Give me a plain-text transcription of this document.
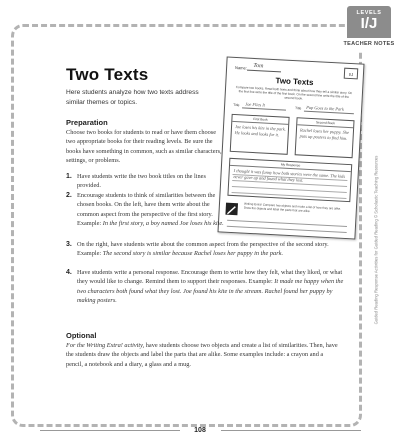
LEVELS
I/J
TEACHER NOTES
Two Texts
Here students analyze how two texts address similar themes or topics.
Name: Tom
I/J
Two Texts
Compare two books. Read both texts and think about how they tell a similar story. On the first line write the title of the first book. On the second line write the title of the second book.
Title Joe Flies It
Title Pup Goes to the Park
First Book
Joe loses his kite in the park. He looks and looks for it.
Second Book
Rachel loses her puppy. She puts up posters to find him.
My Response
I thought it was funny how both stories were the same. The kids never gave up and found what they lost.
Writing Extra! Compare two objects and make a list of how they are alike. Draw the objects and label the parts that are alike.
Preparation
Choose two books for students to read or have them choose two appropriate books for their reading levels. Be sure the books have something in common, such as similar characters, settings, or problems.
1. Have students write the two book titles on the lines provided.
2. Encourage students to think of similarities between the chosen books. On the left, have them write about the common aspect from the perspective of the first story. Example: In the first story, a boy named Joe loses his kite.
3. On the right, have students write about the common aspect from the perspective of the second story. Example: The second story is similar because Rachel loses her puppy in the park.
4. Have students write a personal response. Encourage them to write how they felt, what they liked, or what they would like to change. Remind them to support their responses. Example: It made me happy when the two characters both found what they lost. Joe found his kite in the stream. Rachel found her puppy by making posters.
Optional
For the Writing Extra! activity, have students choose two objects and create a list of similarities. Then, have the students draw the objects and label the parts that are alike. Some examples include: a crayon and a pencil, a notebook and a diary, a glass and a mug.
Guided Reading Response Activities for Guided Reading © Scholastic Teaching Resources
108
